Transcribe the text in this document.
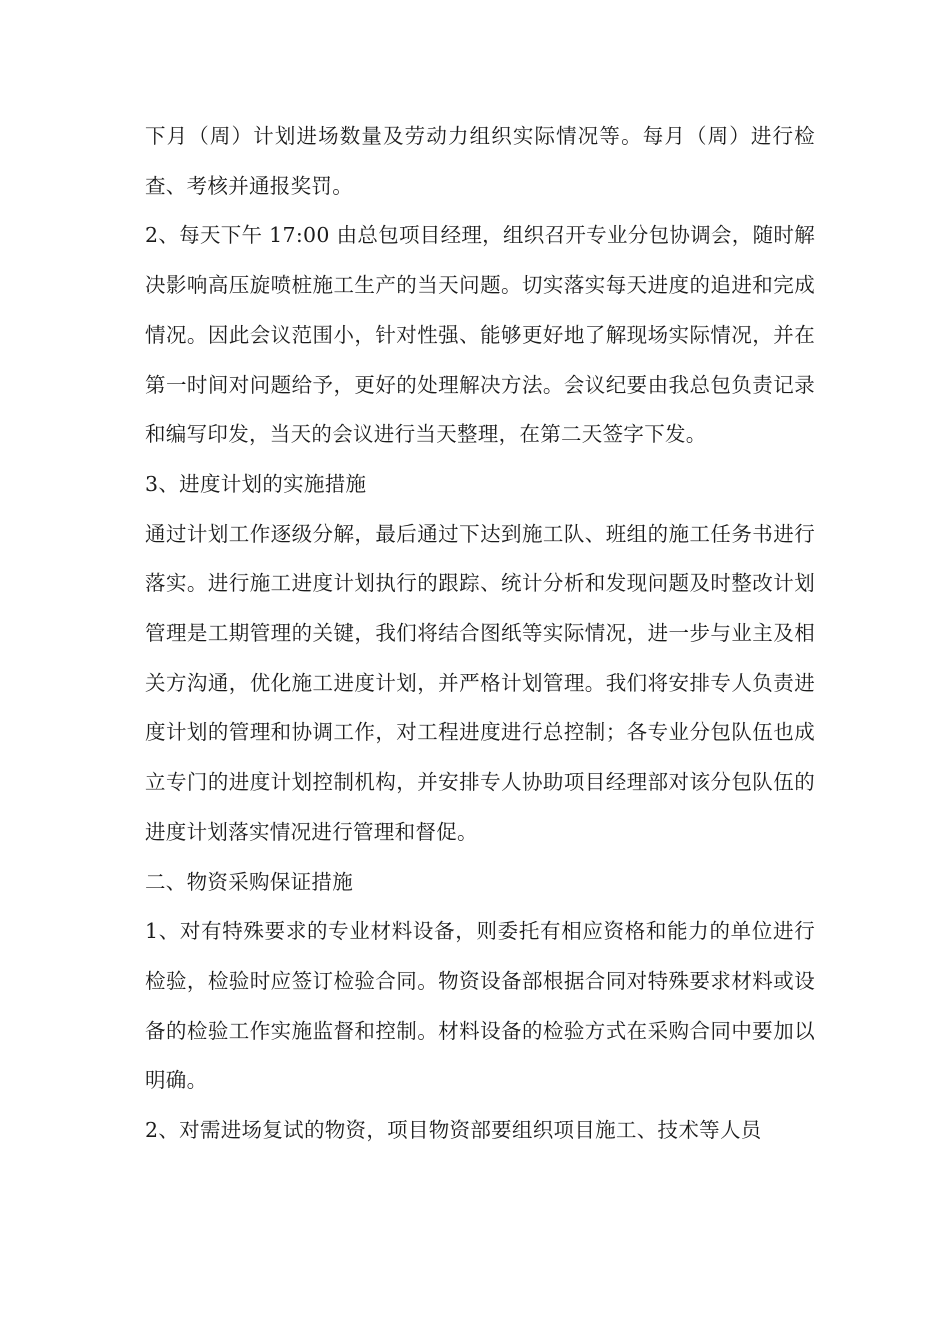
下月（周）计划进场数量及劳动力组织实际情况等。每月（周）进行检查、考核并通报奖罚。

2、每天下午 17:00 由总包项目经理，组织召开专业分包协调会，随时解决影响高压旋喷桩施工生产的当天问题。切实落实每天进度的追进和完成情况。因此会议范围小，针对性强、能够更好地了解现场实际情况，并在第一时间对问题给予，更好的处理解决方法。会议纪要由我总包负责记录和编写印发，当天的会议进行当天整理，在第二天签字下发。

3、进度计划的实施措施

通过计划工作逐级分解，最后通过下达到施工队、班组的施工任务书进行落实。进行施工进度计划执行的跟踪、统计分析和发现问题及时整改计划管理是工期管理的关键，我们将结合图纸等实际情况，进一步与业主及相关方沟通，优化施工进度计划，并严格计划管理。我们将安排专人负责进度计划的管理和协调工作，对工程进度进行总控制；各专业分包队伍也成立专门的进度计划控制机构，并安排专人协助项目经理部对该分包队伍的进度计划落实情况进行管理和督促。

二、物资采购保证措施

1、对有特殊要求的专业材料设备，则委托有相应资格和能力的单位进行检验，检验时应签订检验合同。物资设备部根据合同对特殊要求材料或设备的检验工作实施监督和控制。材料设备的检验方式在采购合同中要加以明确。

2、对需进场复试的物资，项目物资部要组织项目施工、技术等人员
